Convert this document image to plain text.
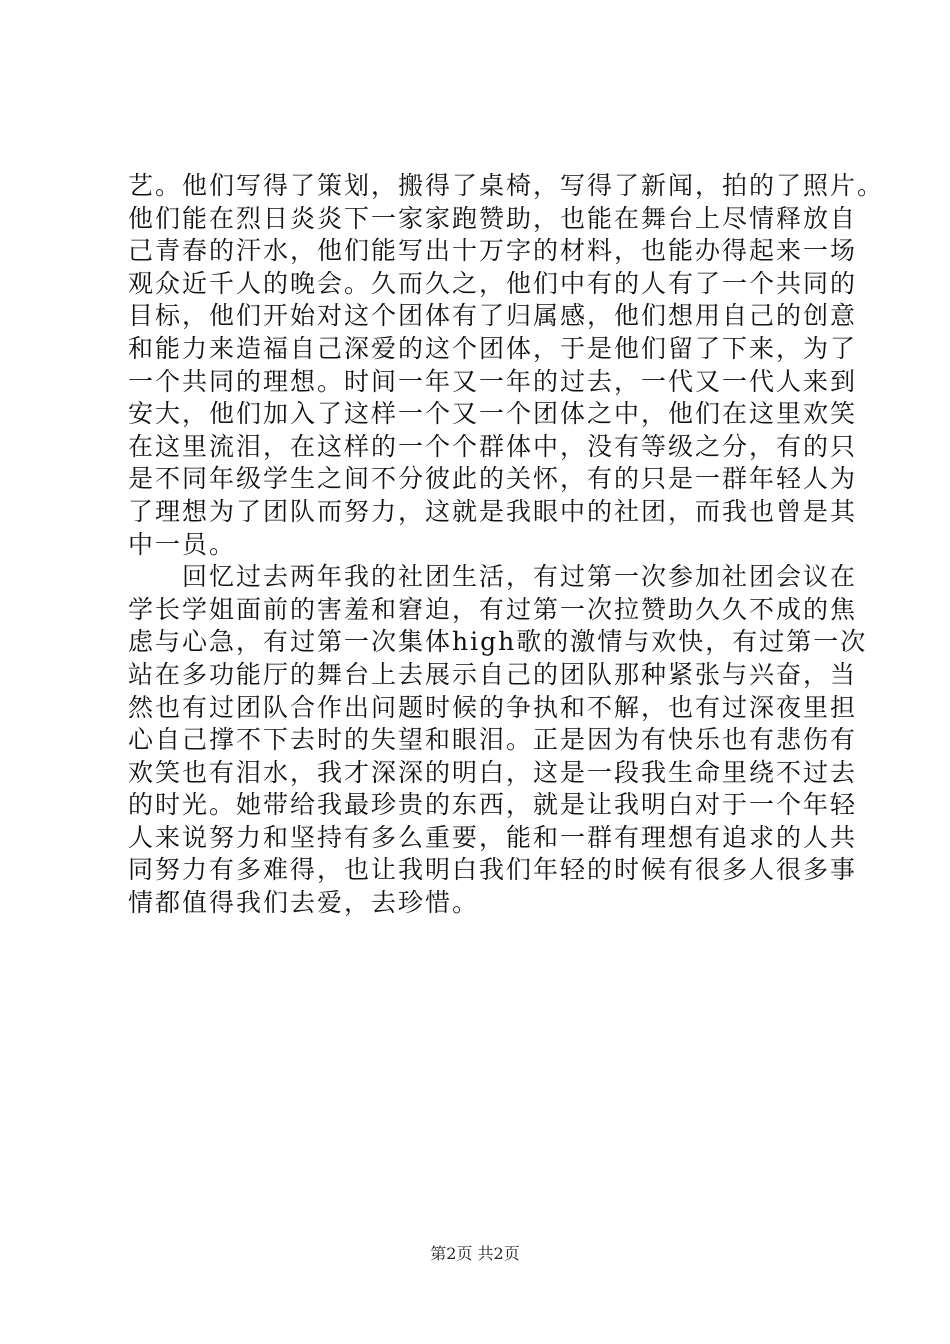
艺。他们写得了策划，搬得了桌椅，写得了新闻，拍的了照片。
他们能在烈日炎炎下一家家跑赞助，也能在舞台上尽情释放自
己青春的汗水，他们能写出十万字的材料，也能办得起来一场
观众近千人的晚会。久而久之，他们中有的人有了一个共同的
目标，他们开始对这个团体有了归属感，他们想用自己的创意
和能力来造福自己深爱的这个团体，于是他们留了下来，为了
一个共同的理想。时间一年又一年的过去，一代又一代人来到
安大，他们加入了这样一个又一个团体之中，他们在这里欢笑
在这里流泪，在这样的一个个群体中，没有等级之分，有的只
是不同年级学生之间不分彼此的关怀，有的只是一群年轻人为
了理想为了团队而努力，这就是我眼中的社团，而我也曾是其
中一员。
　　回忆过去两年我的社团生活，有过第一次参加社团会议在
学长学姐面前的害羞和窘迫，有过第一次拉赞助久久不成的焦
虑与心急，有过第一次集体high歌的激情与欢快，有过第一次
站在多功能厅的舞台上去展示自己的团队那种紧张与兴奋，当
然也有过团队合作出问题时候的争执和不解，也有过深夜里担
心自己撑不下去时的失望和眼泪。正是因为有快乐也有悲伤有
欢笑也有泪水，我才深深的明白，这是一段我生命里绕不过去
的时光。她带给我最珍贵的东西，就是让我明白对于一个年轻
人来说努力和坚持有多么重要，能和一群有理想有追求的人共
同努力有多难得，也让我明白我们年轻的时候有很多人很多事
情都值得我们去爱，去珍惜。
第2页 共2页
